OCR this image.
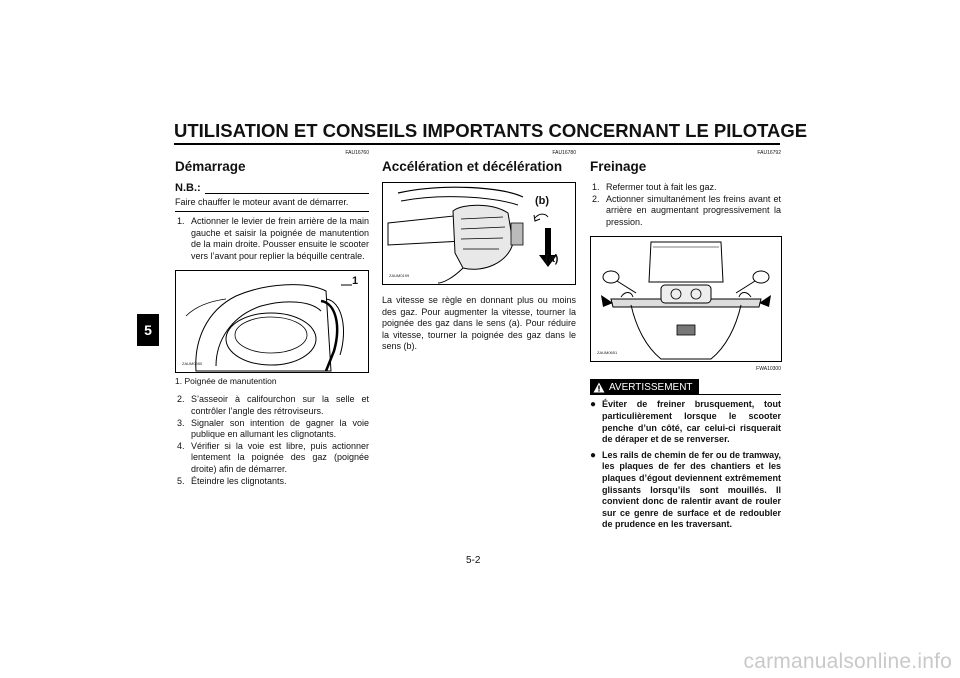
UTILISATION ET CONSEILS IMPORTANTS CONCERNANT LE PILOTAGE
5
FAU16760
Démarrage
N.B.:
Faire chauffer le moteur avant de démarrer.
1. Actionner le levier de frein arrière de la main gauche et saisir la poignée de manutention de la main droite. Pousser ensuite le scooter vers l’avant pour replier la béquille centrale.
1
ZAUM0650
1. Poignée de manutention
2. S’asseoir à califourchon sur la selle et contrôler l’angle des rétroviseurs.
3. Signaler son intention de gagner la voie publique en allumant les clignotants.
4. Vérifier si la voie est libre, puis actionner lentement la poignée des gaz (poignée droite) afin de démarrer.
5. Éteindre les clignotants.
FAU16780
Accélération et décélération
(b)
(a)
ZAUM0199

La vitesse se règle en donnant plus ou moins des gaz. Pour augmenter la vitesse, tourner la poignée des gaz dans le sens (a). Pour réduire la vitesse, tourner la poignée des gaz dans le sens (b).

FAU16792
Freinage
1. Refermer tout à fait les gaz.
2. Actionner simultanément les freins avant et arrière en augmentant progressivement la pression.
ZAUM0651
FWA10300
AVERTISSEMENT
● Éviter de freiner brusquement, tout particulièrement lorsque le scooter penche d’un côté, car celui-ci risquerait de déraper et de se renverser.
● Les rails de chemin de fer ou de tramway, les plaques de fer des chantiers et les plaques d’égout deviennent extrêmement glissants lorsqu’ils sont mouillés. Il convient donc de ralentir avant de rouler sur ce genre de surface et de redoubler de prudence en les traversant.
5-2
carmanualsonline.info
